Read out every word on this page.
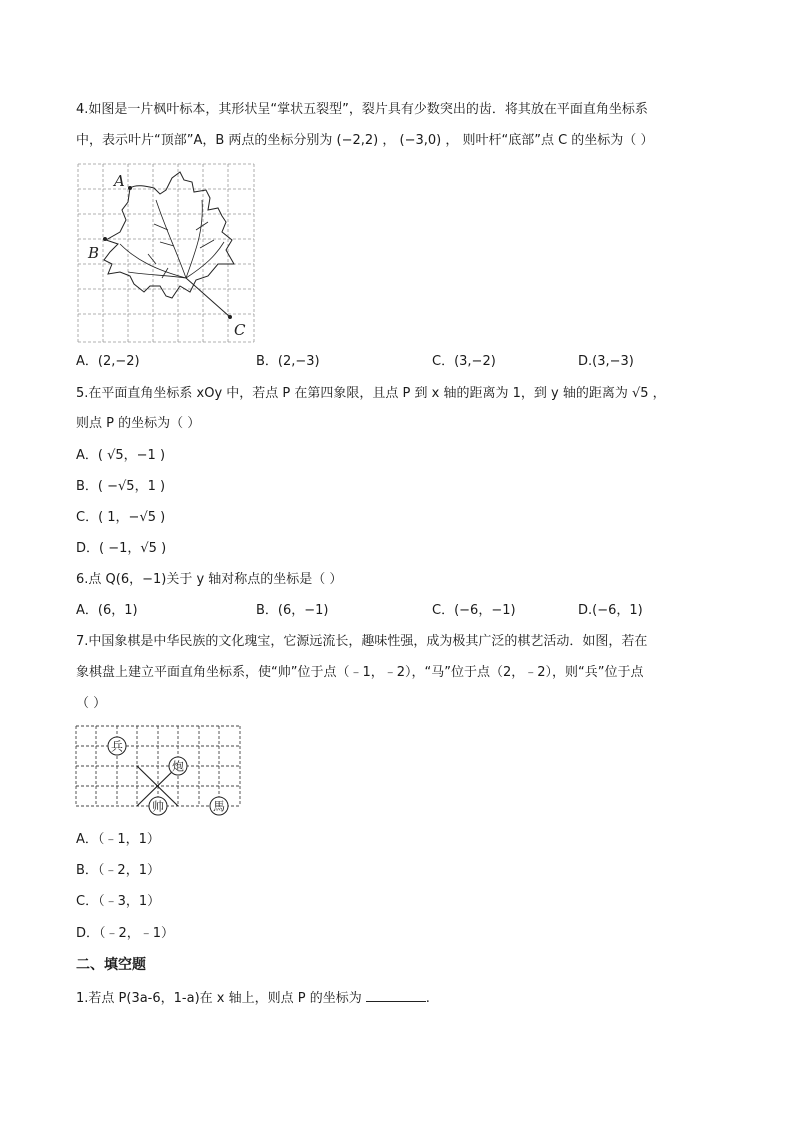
4.如图是一片枫叶标本，其形状呈“掌状五裂型”，裂片具有少数突出的齿．将其放在平面直角坐标系
中，表示叶片“顶部”A，B 两点的坐标分别为 (−2,2) ， (−3,0) ， 则叶杆“底部”点 C 的坐标为（ ）
A
B
C
A．(2,−2)	B．(2,−3)	C．(3,−2)	D.(3,−3)
5.在平面直角坐标系 xOy 中，若点 P 在第四象限，且点 P 到 x 轴的距离为 1，到 y 轴的距离为 √5 ，
则点 P 的坐标为（ ）
A．( √5，−1 )
B．( −√5，1 )
C．( 1，−√5 )
D．( −1，√5 )
6.点 Q(6，−1)关于 y 轴对称点的坐标是（ ）
A．(6，1)	B．(6，−1)	C．(−6，−1)	D.(−6，1)
7.中国象棋是中华民族的文化瑰宝，它源远流长，趣味性强，成为极其广泛的棋艺活动．如图，若在
象棋盘上建立平面直角坐标系，使“帅”位于点（﹣1，﹣2），“马”位于点（2，﹣2），则“兵”位于点
（ ）
兵
炮
帅	馬
A．（﹣1，1）
B．（﹣2，1）
C．（﹣3，1）
D．（﹣2，﹣1）
二、填空题
1.若点 P(3a-6，1-a)在 x 轴上，则点 P 的坐标为	.
